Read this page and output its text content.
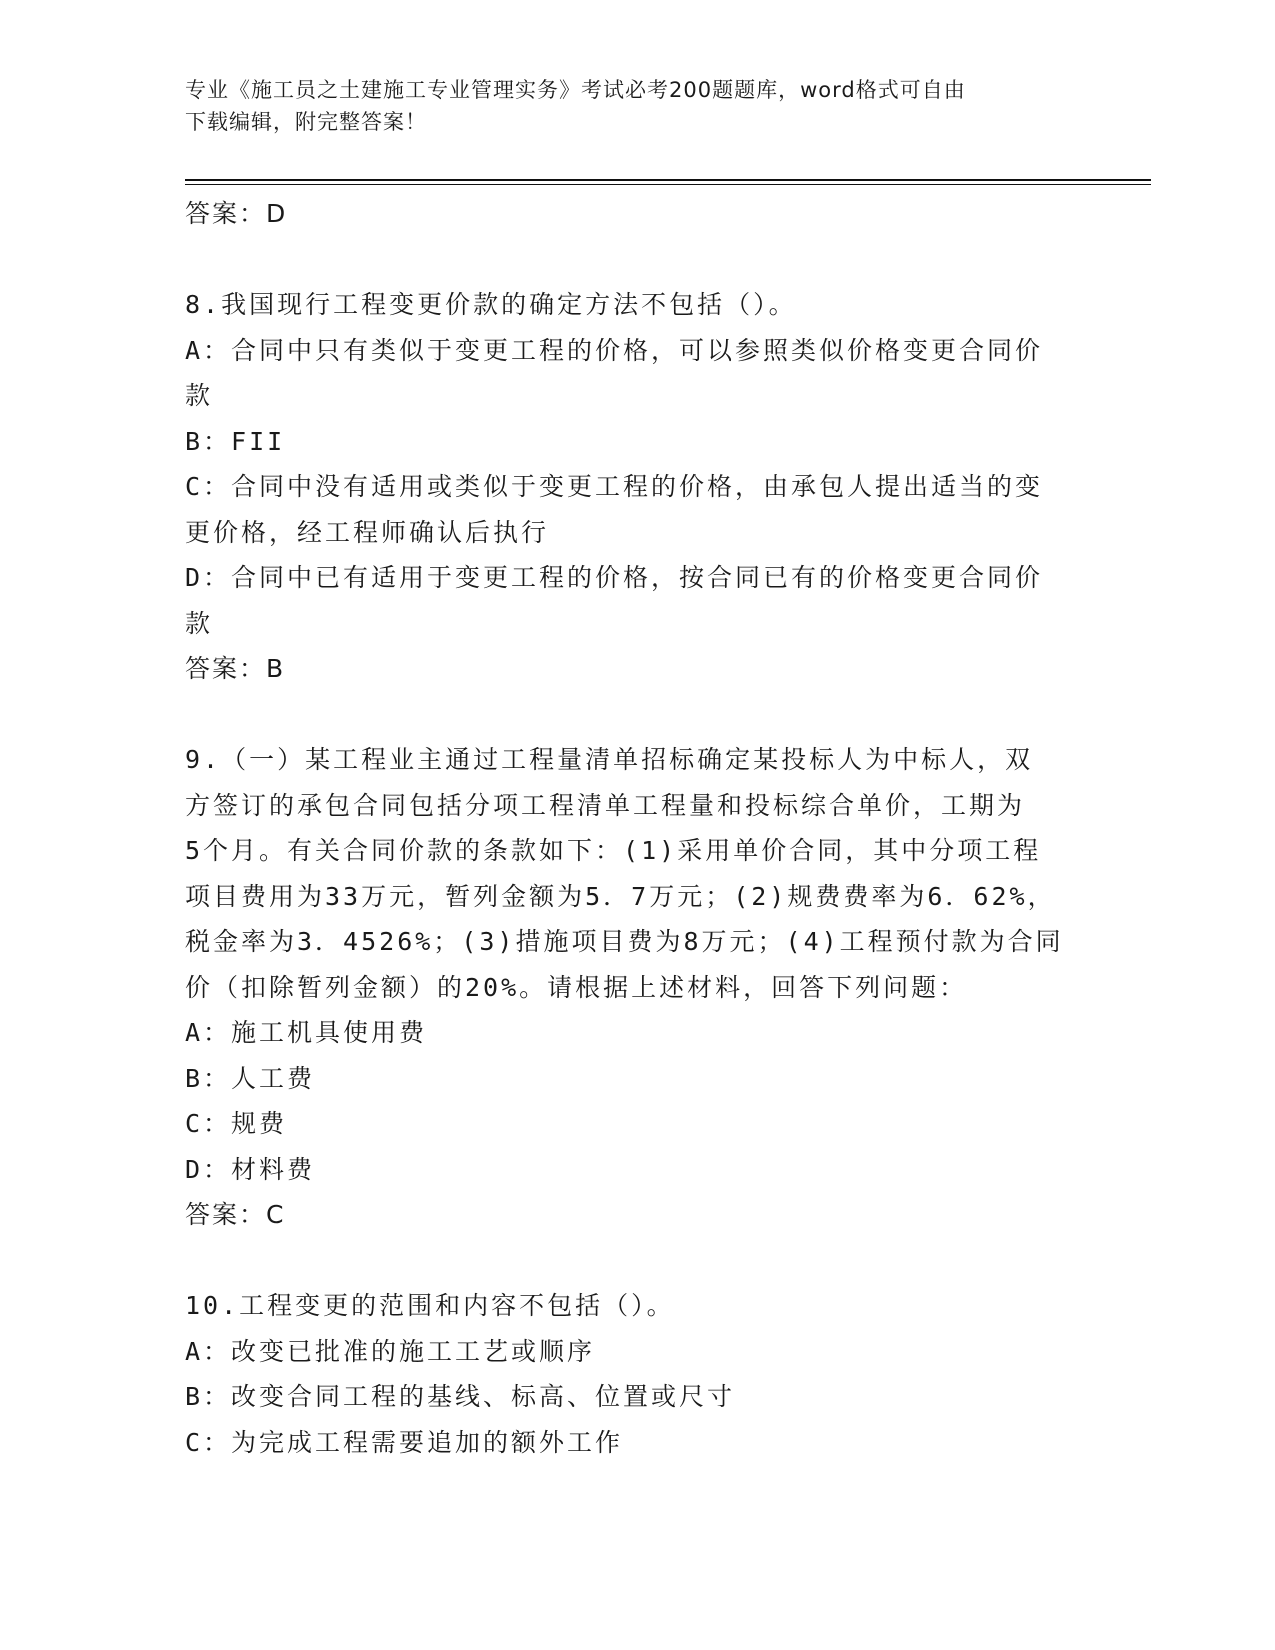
专业《施工员之土建施工专业管理实务》考试必考200题题库，word格式可自由
下载编辑，附完整答案！
答案：D
8.我国现行工程变更价款的确定方法不包括（）。
A：合同中只有类似于变更工程的价格，可以参照类似价格变更合同价
款
B：FII
C：合同中没有适用或类似于变更工程的价格，由承包人提出适当的变
更价格，经工程师确认后执行
D：合同中已有适用于变更工程的价格，按合同已有的价格变更合同价
款
答案：B
9.（一）某工程业主通过工程量清单招标确定某投标人为中标人，双
方签订的承包合同包括分项工程清单工程量和投标综合单价，工期为
5个月。有关合同价款的条款如下：(1)采用单价合同，其中分项工程
项目费用为33万元，暂列金额为5．7万元；(2)规费费率为6．62%，
税金率为3．4526%；(3)措施项目费为8万元；(4)工程预付款为合同
价（扣除暂列金额）的20%。请根据上述材料，回答下列问题：
A：施工机具使用费
B：人工费
C：规费
D：材料费
答案：C
10.工程变更的范围和内容不包括（）。
A：改变已批准的施工工艺或顺序
B：改变合同工程的基线、标高、位置或尺寸
C：为完成工程需要追加的额外工作
